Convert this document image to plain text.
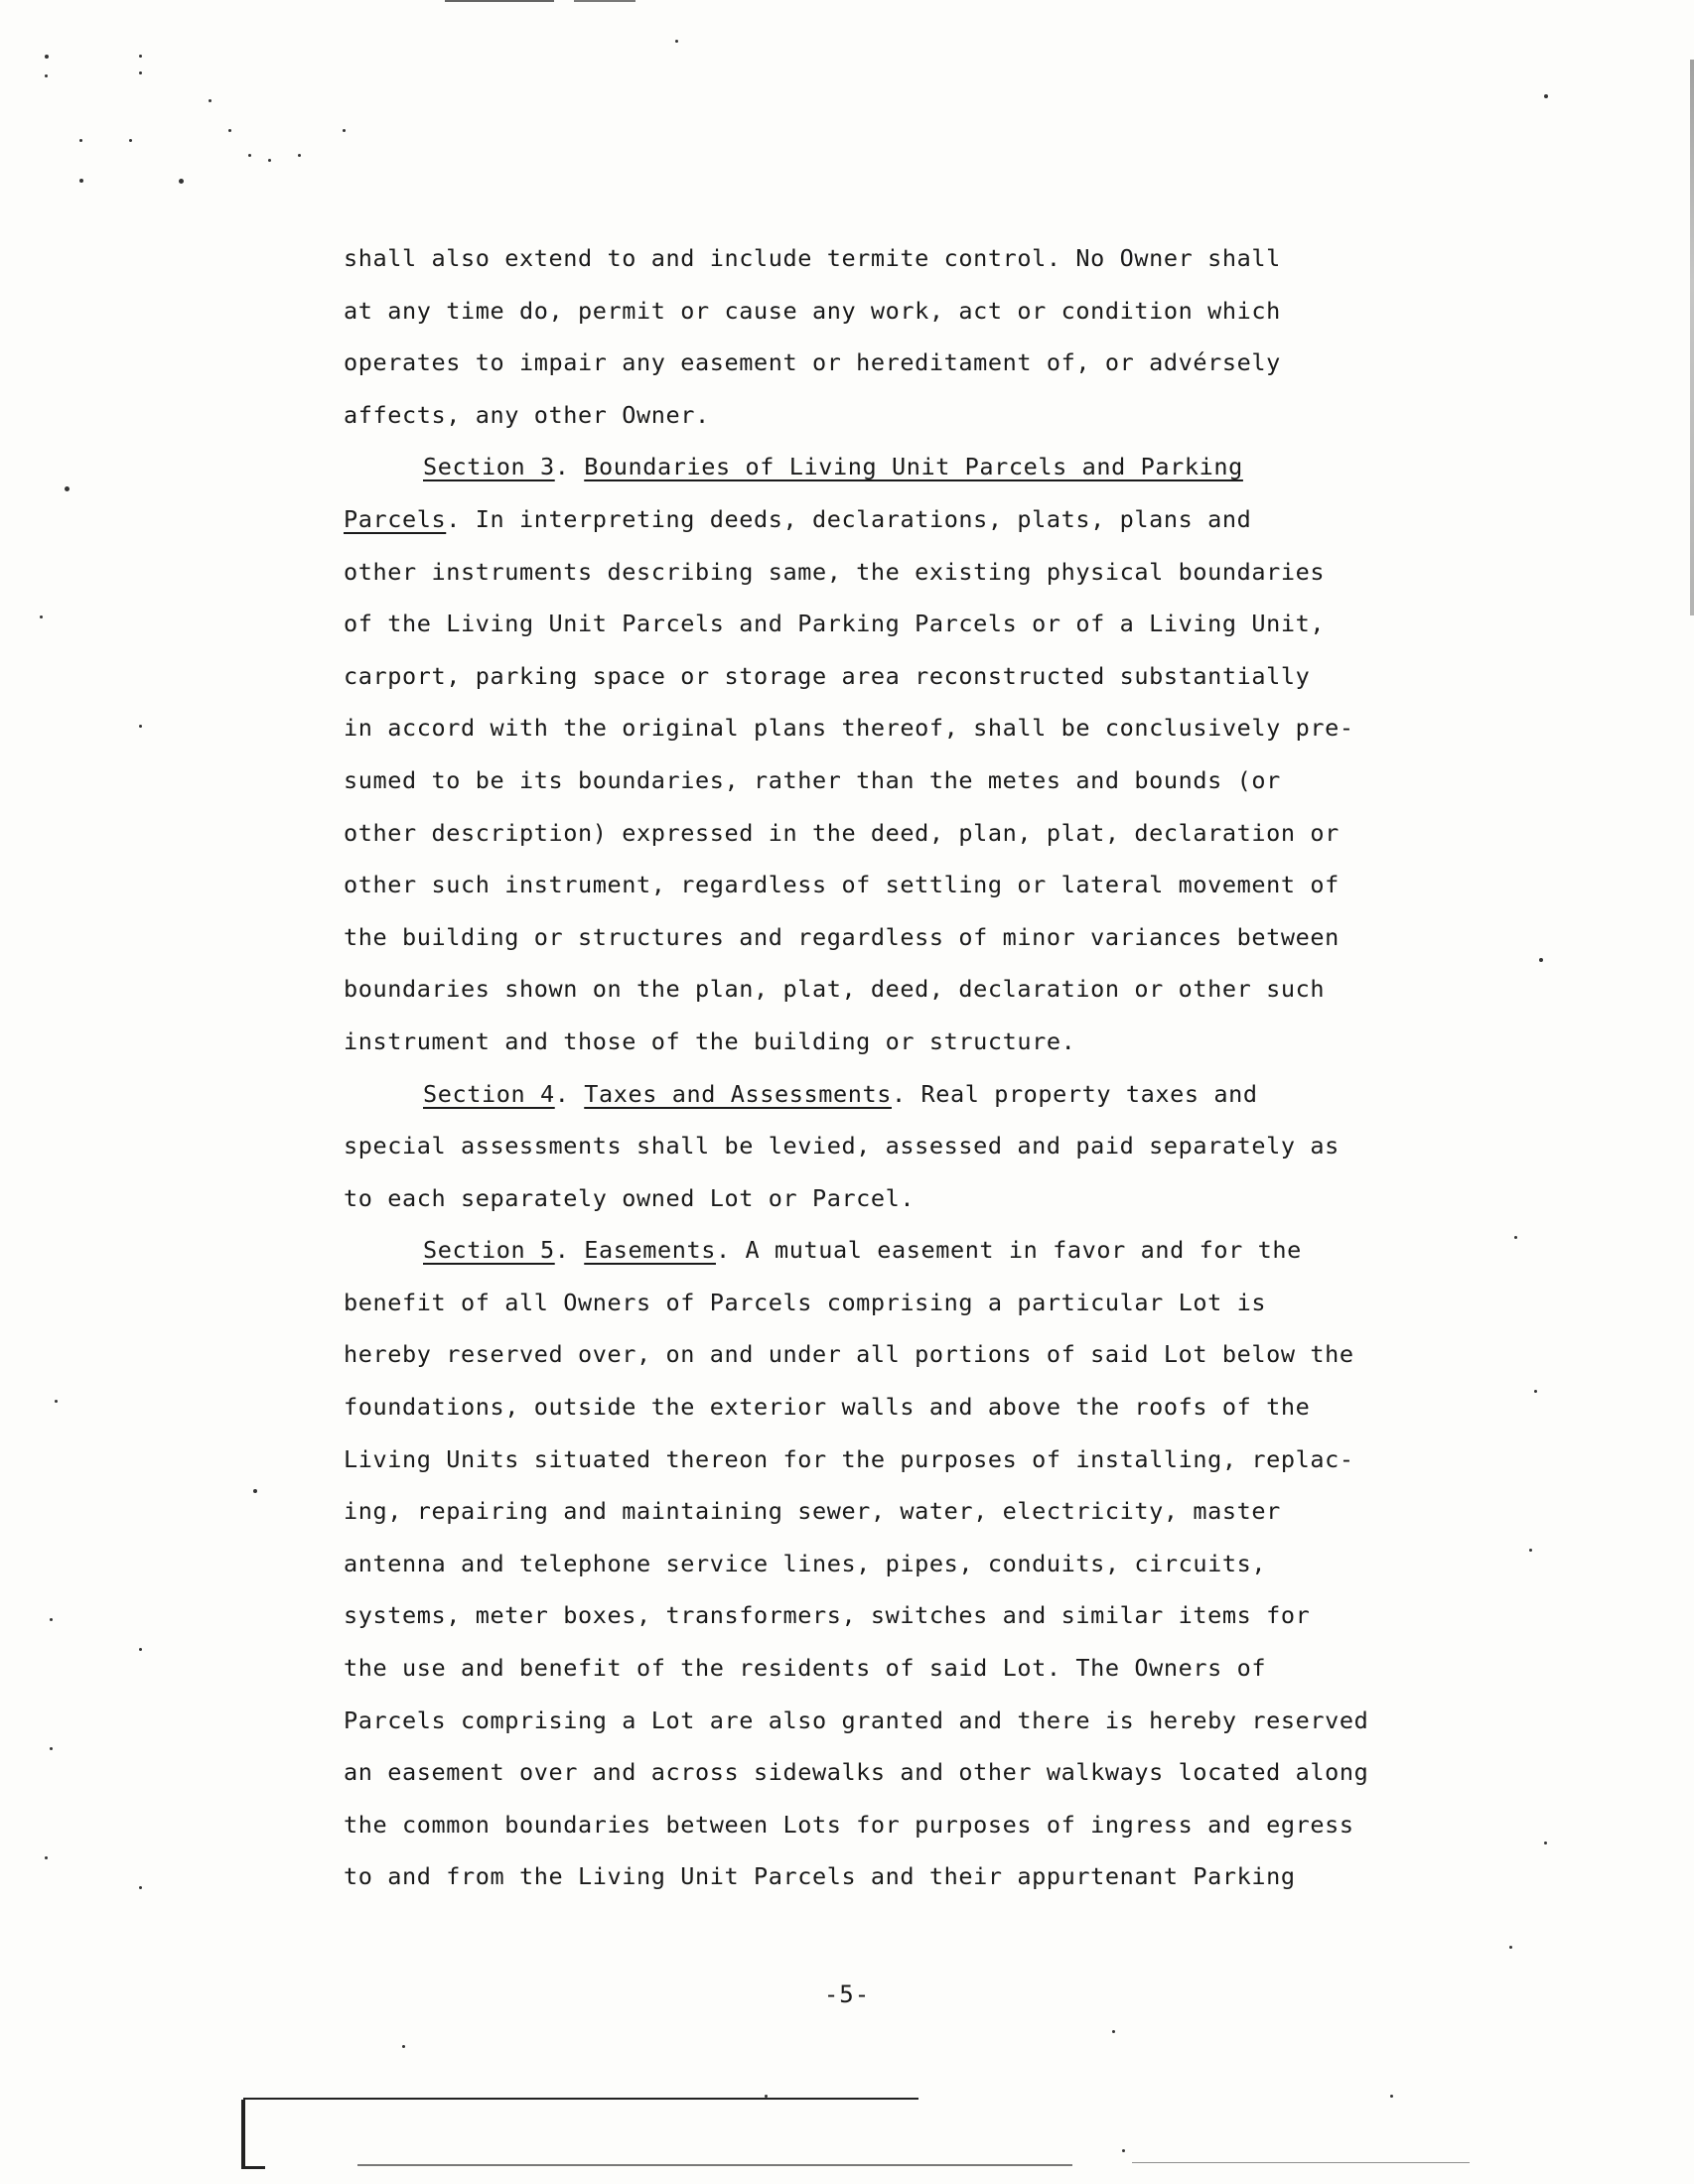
shall also extend to and include termite control. No Owner shall
at any time do, permit or cause any work, act or condition which
operates to impair any easement or hereditament of, or advérsely
affects, any other Owner.
Section 3. Boundaries of Living Unit Parcels and Parking
Parcels. In interpreting deeds, declarations, plats, plans and
other instruments describing same, the existing physical boundaries
of the Living Unit Parcels and Parking Parcels or of a Living Unit,
carport, parking space or storage area reconstructed substantially
in accord with the original plans thereof, shall be conclusively pre-
sumed to be its boundaries, rather than the metes and bounds (or
other description) expressed in the deed, plan, plat, declaration or
other such instrument, regardless of settling or lateral movement of
the building or structures and regardless of minor variances between
boundaries shown on the plan, plat, deed, declaration or other such
instrument and those of the building or structure.
Section 4. Taxes and Assessments. Real property taxes and
special assessments shall be levied, assessed and paid separately as
to each separately owned Lot or Parcel.
Section 5. Easements. A mutual easement in favor and for the
benefit of all Owners of Parcels comprising a particular Lot is
hereby reserved over, on and under all portions of said Lot below the
foundations, outside the exterior walls and above the roofs of the
Living Units situated thereon for the purposes of installing, replac-
ing, repairing and maintaining sewer, water, electricity, master
antenna and telephone service lines, pipes, conduits, circuits,
systems, meter boxes, transformers, switches and similar items for
the use and benefit of the residents of said Lot. The Owners of
Parcels comprising a Lot are also granted and there is hereby reserved
an easement over and across sidewalks and other walkways located along
the common boundaries between Lots for purposes of ingress and egress
to and from the Living Unit Parcels and their appurtenant Parking
-5-
